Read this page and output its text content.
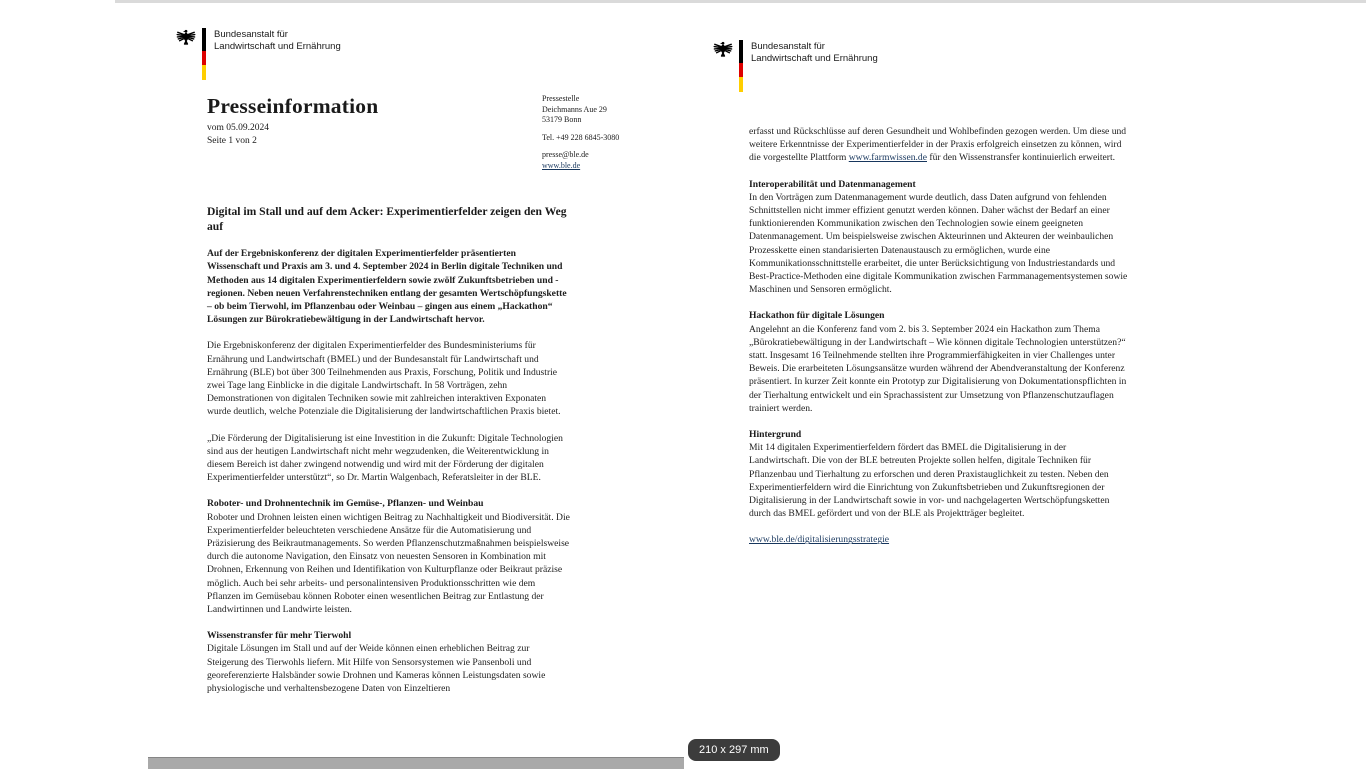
Bundesanstalt für
Landwirtschaft und Ernährung
Presseinformation
vom 05.09.2024
Seite 1 von 2
Pressestelle
Deichmanns Aue 29
53179 Bonn
Tel. +49 228 6845-3080
presse@ble.de
www.ble.de
Digital im Stall und auf dem Acker: Experimentierfelder zeigen den Weg auf

Auf der Ergebniskonferenz der digitalen Experimentierfelder präsentierten Wissenschaft und Praxis am 3. und 4. September 2024 in Berlin digitale Techniken und Methoden aus 14 digitalen Experimentierfeldern sowie zwölf Zukunftsbetrieben und -regionen. Neben neuen Verfahrenstechniken entlang der gesamten Wertschöpfungskette – ob beim Tierwohl, im Pflanzenbau oder Weinbau – gingen aus einem „Hackathon“ Lösungen zur Bürokratiebewältigung in der Landwirtschaft hervor.

Die Ergebniskonferenz der digitalen Experimentierfelder des Bundesministeriums für Ernährung und Landwirtschaft (BMEL) und der Bundesanstalt für Landwirtschaft und Ernährung (BLE) bot über 300 Teilnehmenden aus Praxis, Forschung, Politik und Industrie zwei Tage lang Einblicke in die digitale Landwirtschaft. In 58 Vorträgen, zehn Demonstrationen von digitalen Techniken sowie mit zahlreichen interaktiven Exponaten wurde deutlich, welche Potenziale die Digitalisierung der landwirtschaftlichen Praxis bietet.

„Die Förderung der Digitalisierung ist eine Investition in die Zukunft: Digitale Technologien sind aus der heutigen Landwirtschaft nicht mehr wegzudenken, die Weiterentwicklung in diesem Bereich ist daher zwingend notwendig und wird mit der Förderung der digitalen Experimentierfelder unterstützt“, so Dr. Martin Walgenbach, Referatsleiter in der BLE.

Roboter- und Drohnentechnik im Gemüse-, Pflanzen- und Weinbau

Roboter und Drohnen leisten einen wichtigen Beitrag zu Nachhaltigkeit und Biodiversität. Die Experimentierfelder beleuchteten verschiedene Ansätze für die Automatisierung und Präzisierung des Beikrautmanagements. So werden Pflanzenschutzmaßnahmen beispielsweise durch die autonome Navigation, den Einsatz von neuesten Sensoren in Kombination mit Drohnen, Erkennung von Reihen und Identifikation von Kulturpflanze oder Beikraut präzise möglich. Auch bei sehr arbeits- und personalintensiven Produktionsschritten wie dem Pflanzen im Gemüsebau können Roboter einen wesentlichen Beitrag zur Entlastung der Landwirtinnen und Landwirte leisten.

Wissenstransfer für mehr Tierwohl

Digitale Lösungen im Stall und auf der Weide können einen erheblichen Beitrag zur Steigerung des Tierwohls liefern. Mit Hilfe von Sensorsystemen wie Pansenboli und georeferenzierte Halsbänder sowie Drohnen und Kameras können Leistungsdaten sowie physiologische und verhaltensbezogene Daten von Einzeltieren

Bundesanstalt für
Landwirtschaft und Ernährung

erfasst und Rückschlüsse auf deren Gesundheit und Wohlbefinden gezogen werden. Um diese und weitere Erkenntnisse der Experimentierfelder in der Praxis erfolgreich einsetzen zu können, wird die vorgestellte Plattform www.farmwissen.de für den Wissenstransfer kontinuierlich erweitert.

Interoperabilität und Datenmanagement

In den Vorträgen zum Datenmanagement wurde deutlich, dass Daten aufgrund von fehlenden Schnittstellen nicht immer effizient genutzt werden können. Daher wächst der Bedarf an einer funktionierenden Kommunikation zwischen den Technologien sowie einem geeigneten Datenmanagement. Um beispielsweise zwischen Akteurinnen und Akteuren der weinbaulichen Prozesskette einen standarisierten Datenaustausch zu ermöglichen, wurde eine Kommunikationsschnittstelle erarbeitet, die unter Berücksichtigung von Industriestandards und Best-Practice-Methoden eine digitale Kommunikation zwischen Farmmanagementsystemen sowie Maschinen und Sensoren ermöglicht.

Hackathon für digitale Lösungen

Angelehnt an die Konferenz fand vom 2. bis 3. September 2024 ein Hackathon zum Thema „Bürokratiebewältigung in der Landwirtschaft – Wie können digitale Technologien unterstützen?“ statt. Insgesamt 16 Teilnehmende stellten ihre Programmierfähigkeiten in vier Challenges unter Beweis. Die erarbeiteten Lösungsansätze wurden während der Abendveranstaltung der Konferenz präsentiert. In kurzer Zeit konnte ein Prototyp zur Digitalisierung von Dokumentationspflichten in der Tierhaltung entwickelt und ein Sprachassistent zur Umsetzung von Pflanzenschutzauflagen trainiert werden.

Hintergrund

Mit 14 digitalen Experimentierfeldern fördert das BMEL die Digitalisierung in der Landwirtschaft. Die von der BLE betreuten Projekte sollen helfen, digitale Techniken für Pflanzenbau und Tierhaltung zu erforschen und deren Praxistauglichkeit zu testen. Neben den Experimentierfeldern wird die Einrichtung von Zukunftsbetrieben und Zukunftsregionen der Digitalisierung in der Landwirtschaft sowie in vor- und nachgelagerten Wertschöpfungsketten durch das BMEL gefördert und von der BLE als Projektträger begleitet.

www.ble.de/digitalisierungsstrategie
210 x 297 mm
